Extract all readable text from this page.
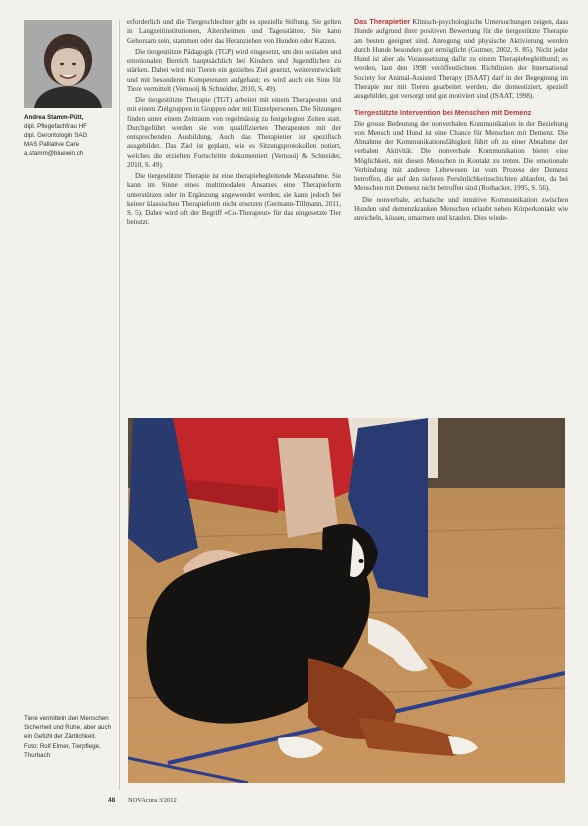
Andrea Stamm-Pütt,
dipl. Pflegefachfrau HF
dipl. Gerontologin SAG
MAS Palliative Care
a.stamm@bluewin.ch

erforderlich und die Tiergeschlechter gibt es spezielle Stiftung. Sie gelten in Langzeitinstitutionen, Altersheimen und Tagesstätten. Sie kann Gehorsam sein, stammen oder das Heranziehen von Hunden oder Katzen.

Die tiergestützte Pädagogik (TGP) wird eingesetzt, um den sozialen und emotionalen Bereich hauptsächlich bei Kindern und Jugendlichen zu stärken. Dabei wird mit Tieren ein gezieltes Ziel gesetzt, weiterentwickelt und mit besonderen Kompetenzen aufgebaut; es wird auch ein Sinn für Tiere vermittelt (Vernooij & Schneider, 2010, S. 49).

Die tiergestützte Therapie (TGT) arbeitet mit einem Therapeuten und mit einem Zielgruppen in Gruppen oder mit Einzelpersonen. Die Sitzungen finden unter einem Zeitraum von regelmässig zu festgelegten Zeiten statt. Durchgeführt werden sie von qualifizierten Therapeuten mit der entsprechenden Ausbildung. Auch das Therapietier ist spezifisch ausgebildet. Das Ziel ist geplant, wie es Sitzungsprotokollen notiert, welches die erzielten Fortschritte dokumentiert (Vernooij & Schneider, 2010, S. 49).

Die tiergestützte Therapie ist eine therapiebegleitende Massnahme. Sie kann im Sinne eines multimodalen Ansatzes eine Therapieform unterstützen oder in Ergänzung angewendet werden; sie kann jedoch bei keiner klassischen Therapieform nicht ersetzen (Germann-Tillmann, 2011, S. 5). Daher wird oft der Begriff «Co-Therapeut» für das eingesetzte Tier benutzt.

Das Therapietier Klinisch-psychologische Untersuchungen zeigen, dass Hunde aufgrund ihrer positiven Bewertung für die tiergestützte Therapie am besten geeignet sind. Anregung und physische Aktivierung werden durch Hunde besonders gut ermöglicht (Guttner, 2002, S. 85). Nicht jeder Hund ist aber als Voraussetzung dafür zu einem Therapiebegleithund; es werden, laut den 1998 veröffentlichten Richtlinien der International Society for Animal-Assisted Therapy (ISAAT) darf in der Begegnung im Therapie nur mit Tieren gearbeitet werden, die domestiziert, speziell ausgebildet, gut versorgt und gut motiviert sind (ISAAT, 1998).

Tiergestützte Intervention bei Menschen mit Demenz

Die grosse Bedeutung der nonverbalen Kommunikation in der Beziehung von Mensch und Hund ist eine Chance für Menschen mit Demenz. Die Abnahme der Kommunikationsfähigkeit führt oft zu einer Abnahme der verbalen Aktivität. Die nonverbale Kommunikation bietet eine Möglichkeit, mit diesen Menschen in Kontakt zu treten. Die emotionale Verbindung mit anderen Lebewesen ist vom Prozess der Demenz betroffen, die auf den tieferen Persönlichkeitsschichten ablaufen, da bei Menschen mit Demenz nicht betroffen sind (Rothacker, 1995, S. 56).

Die nonverbale, archaische und intuitive Kommunikation zwischen Hunden und demenzkranken Menschen erlaubt neben Körperkontakt wie streicheln, kössen, umarmen und kraulen. Dies wiede-

Tiere vermitteln den Menschen Sicherheit und Ruhe, aber auch ein Gefühl der Zärtlichkeit.
Foto: Rolf Elmer, Tierpflege, Thurbach
48 NOVAcura 3/2012
